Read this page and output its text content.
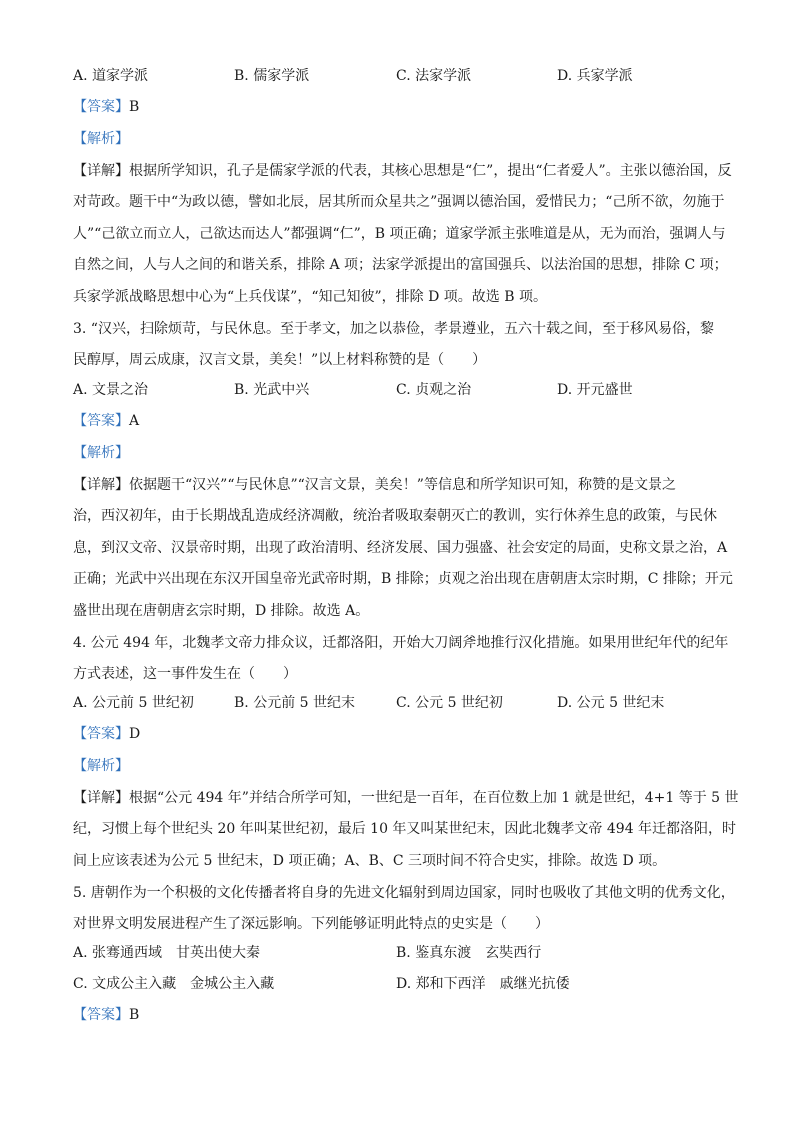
A. 道家学派	B. 儒家学派	C. 法家学派	D. 兵家学派
【答案】B
【解析】
【详解】根据所学知识，孔子是儒家学派的代表，其核心思想是“仁”，提出“仁者爱人”。主张以德治国，反
对苛政。题干中“为政以德，譬如北辰，居其所而众星共之”强调以德治国，爱惜民力；“己所不欲，勿施于
人”“己欲立而立人，己欲达而达人”都强调“仁”，B 项正确；道家学派主张唯道是从，无为而治，强调人与
自然之间，人与人之间的和谐关系，排除 A 项；法家学派提出的富国强兵、以法治国的思想，排除 C 项；
兵家学派战略思想中心为“上兵伐谋”，“知己知彼”，排除 D 项。故选 B 项。
3. “汉兴，扫除烦苛，与民休息。至于孝文，加之以恭俭，孝景遵业，五六十载之间，至于移风易俗，黎
民醇厚，周云成康，汉言文景，美矣！”以上材料称赞的是（　　）
A. 文景之治	B. 光武中兴	C. 贞观之治	D. 开元盛世
【答案】A
【解析】
【详解】依据题干“汉兴”“与民休息”“汉言文景，美矣！”等信息和所学知识可知，称赞的是文景之
治，西汉初年，由于长期战乱造成经济凋敝，统治者吸取秦朝灭亡的教训，实行休养生息的政策，与民休
息，到汉文帝、汉景帝时期，出现了政治清明、经济发展、国力强盛、社会安定的局面，史称文景之治，A
正确；光武中兴出现在东汉开国皇帝光武帝时期，B 排除；贞观之治出现在唐朝唐太宗时期，C 排除；开元
盛世出现在唐朝唐玄宗时期，D 排除。故选 A。
4. 公元 494 年，北魏孝文帝力排众议，迁都洛阳，开始大刀阔斧地推行汉化措施。如果用世纪年代的纪年
方式表述，这一事件发生在（　　）
A. 公元前 5 世纪初	B. 公元前 5 世纪末	C. 公元 5 世纪初	D. 公元 5 世纪末
【答案】D
【解析】
【详解】根据“公元 494 年”并结合所学可知，一世纪是一百年，在百位数上加 1 就是世纪，4+1 等于 5 世
纪，习惯上每个世纪头 20 年叫某世纪初，最后 10 年又叫某世纪末，因此北魏孝文帝 494 年迁都洛阳，时
间上应该表述为公元 5 世纪末，D 项正确；A、B、C 三项时间不符合史实，排除。故选 D 项。
5. 唐朝作为一个积极的文化传播者将自身的先进文化辐射到周边国家，同时也吸收了其他文明的优秀文化，
对世界文明发展进程产生了深远影响。下列能够证明此特点的史实是（　　）
A. 张骞通西域　甘英出使大秦	B. 鉴真东渡　玄奘西行
C. 文成公主入藏　金城公主入藏	D. 郑和下西洋　戚继光抗倭
【答案】B
